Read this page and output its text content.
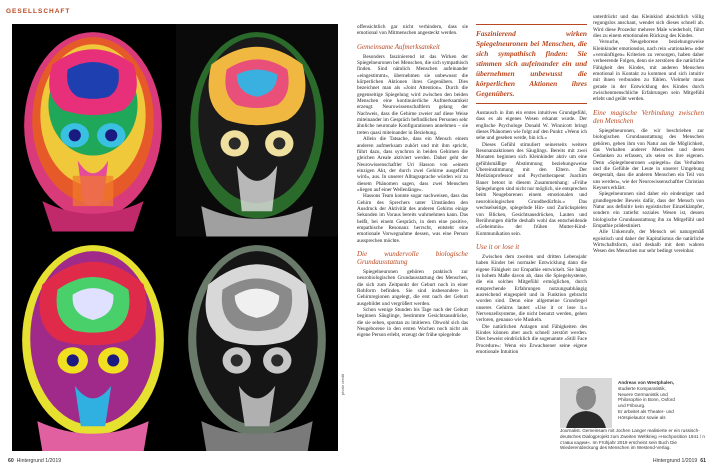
GESELLSCHAFT
photo credit

offensichtlich gar nicht verhindern, dass sie emotional von Mitmenschen angesteckt werden.

Gemeinsame Aufmerksamkeit

Besonders faszinierend ist das Wirken der Spiegelneuronen bei Menschen, die sich sympathisch finden. Sind nämlich Menschen aufeinander »eingestimmt«, übernehmen sie unbewusst die körperlichen Aktionen ihres Gegenübers. Dies bezeichnet man als »Joint Attention«. Durch die gegenseitige Spiegelung wird zwischen den beiden Menschen eine kontinuierliche Aufmerksamkeit erzeugt. Neurowissenschaftlern gelang der Nachweis, dass die Gehirne zweier auf diese Weise miteinander im Gespräch befindlichen Personen sehr ähnliche neuronale Konfigurationen annehmen – sie treten quasi miteinander in Beziehung.

Allein die Tatsache, dass ein Mensch einem anderen aufmerksam zuhört und mit ihm spricht, führt dazu, dass synchron in beiden Gehirnen die gleichen Areale aktiviert werden. Daher geht der Neurowissenschaftler Uri Hasson von »einem einzigen Akt, der durch zwei Gehirne ausgeführt wird«, aus. In unserer Alltagssprache würden wir zu diesem Phänomen sagen, dass zwei Menschen »liegen auf einer Wellenlänge«.

Hassons Team konnte sogar nachweisen, dass das Gehirn des Sprechers unter Umständen den Ausdruck der Aktivität des anderen Gehirns einige Sekunden im Voraus bereits wahrnehmen kann. Das heißt, bei einem Gespräch, in dem eine positive, empathische Resonanz herrscht, entsteht eine emotionale Vorwegnahme dessen, was eine Person aussprechen möchte.

Die wundervolle biologische Grundausstattung

Spiegelneuronen gehören praktisch zur neurobiologischen Grundausstattung des Menschen, die sich zum Zeitpunkt der Geburt noch in einer Rohform befinden. Sie sind insbesondere in Gehirnregionen angelegt, die erst nach der Geburt ausgebildet und vergrößert werden.

Schon wenige Stunden bis Tage nach der Geburt beginnen Säuglinge, bestimmte Gesichtsausdrücke, die sie sehen, spontan zu imitieren. Obwohl sich das Neugeborene in den ersten Wochen noch nicht als eigene Person erlebt, erzeugt der frühe spiegelnde

Faszinierend wirken Spiegelneuronen bei Menschen, die sich sympathisch finden: Sie stimmen sich aufeinander ein und übernehmen unbewusst die körperlichen Aktionen ihres Gegenübers.

Austausch in ihm ein erstes intuitives Grundgefühl, dass es als eigenes Wesen erkannt wurde. Der englische Psychologe Donald W. Winnicott bringt dieses Phänomen wie folgt auf den Punkt: »Wenn ich sehe und gesehen werde, bin ich.«

Dieses Gefühl stimuliert seinerseits weitere Resonanzaktionen des Säuglings. Bereits mit zwei Monaten beginnen sich Kleinkinder aktiv um eine gefühlsmäßige Abstimmung beziehungsweise Übereinstimmung mit den Eltern. Der Medizinprofessor und Psychotherapeut Joachim Bauer betont in diesem Zusammenhang: »Frühe Spiegelungen sind nicht nur möglich, sie entsprechen beim Neugeborenen einem emotionalen und neurobiologischen Grundbedürfnis.« Das wechselseitige, spiegelnde Hin- und Zurückspielen von Blicken, Gesichtsausdrücken, Lauten und Berührungen dürfte deshalb wohl das entscheidende »Geheimnis« der frühen Mutter-Kind-Kommunikation sein.

Use it or lose it

Zwischen dem zweiten und dritten Lebensjahr haben Kinder bei normaler Entwicklung dann die eigene Fähigkeit zur Empathie entwickelt. Sie hängt in hohem Maße davon ab, dass die Spiegelsysteme, die ein solches Mitgefühl ermöglichen, durch entsprechende Erfahrungen nutzungsabhängig ausreichend eingespielt und in Funktion gebracht worden sind. Denn eine allgemeine Grundregel unseres Gehirns lautet: »Use it or lose it.« Nervenzellsysteme, die nicht benutzt werden, gehen verloren, genauso wie Muskeln.

Die natürlichen Anlagen und Fähigkeiten des Kindes können aber auch schnell zerstört werden. Dies beweist eindrücklich die sogenannte »Still Face Procedure«: Wenn ein Erwachsener seine eigene emotionale Intuition

unterdrückt und das Kleinkind absichtlich völlig regungslos anschaut, wendet sich dieses schnell ab. Wird diese Prozedur mehrere Male wiederholt, führt dies zu einem emotionalen Rückzug des Kindes.

Versuche, Neugeborene beziehungsweise Kleinkinder emotionslos, nach rein »rationalen« oder »vernünftigen« Kriterien zu versorgen, haben daher verheerende Folgen, denn sie zerstören die natürliche Fähigkeit des Kindes, mit anderen Menschen emotional in Kontakt zu kommen und sich intuitiv mit ihnen verbunden zu fühlen. Vielmehr muss gerade in der Entwicklung des Kindes durch zwischenmenschliche Erfahrungen sein Mitgefühl erlebt und geübt werden.

Eine magische Verbindung zwischen den Menschen

Spiegelneuronen, die wir beschrieben zur biologischen Grundausstattung des Menschen gehören, geben ihm von Natur aus die Möglichkeit, das Verhalten anderer Menschen und deren Gedanken zu erfassen, als seien es ihre eigenen. Denn »Spiegelneuronen »spiegeln« das Verhalten und die Gefühle der Leute in unserer Umgebung dergestalt, dass die anderen Menschen ein Teil von uns werden«, wie der Neurowissenschaftler Christian Keysers erklärt.

Spiegelneuronen sind daher ein eindeutiger und grundlegender Beweis dafür, dass der Mensch von Natur aus definitiv kein egoistischer Einzelkämpfer, sondern ein zutiefst soziales Wesen ist, dessen biologische Grundausstattung ihn zu Mitgefühl und Empathie prädestiniert.

Alle Unkenrufe, der Mensch sei naturgemäß egoistisch und daher der Kapitalismus die natürliche Wirtschaftsform, sind deshalb mit dem wahren Wesen des Menschen nur sehr bedingt vereinbar.

Andreas von Westphalen,
studierte Komparatistik,
Neuere Germanistik und
Philosophie in Bonn, Oxford
und Fribourg.
Er arbeitet als Theater- und
Hörspielautor sowie als
Journalist. Gemeinsam mit Jochen Langer realisierte er ein russisch-deutsches Dialogprojekt zum Zweiten Weltkrieg »Hochposition 1941 / n ставш кадем«. Im Frühjahr 2019 erscheint sein Buch Die Wiederentdeckung des Menschen im Westend-Verlag.
60 Hintergrund 1/2019	Hintergrund 1/2019 61
